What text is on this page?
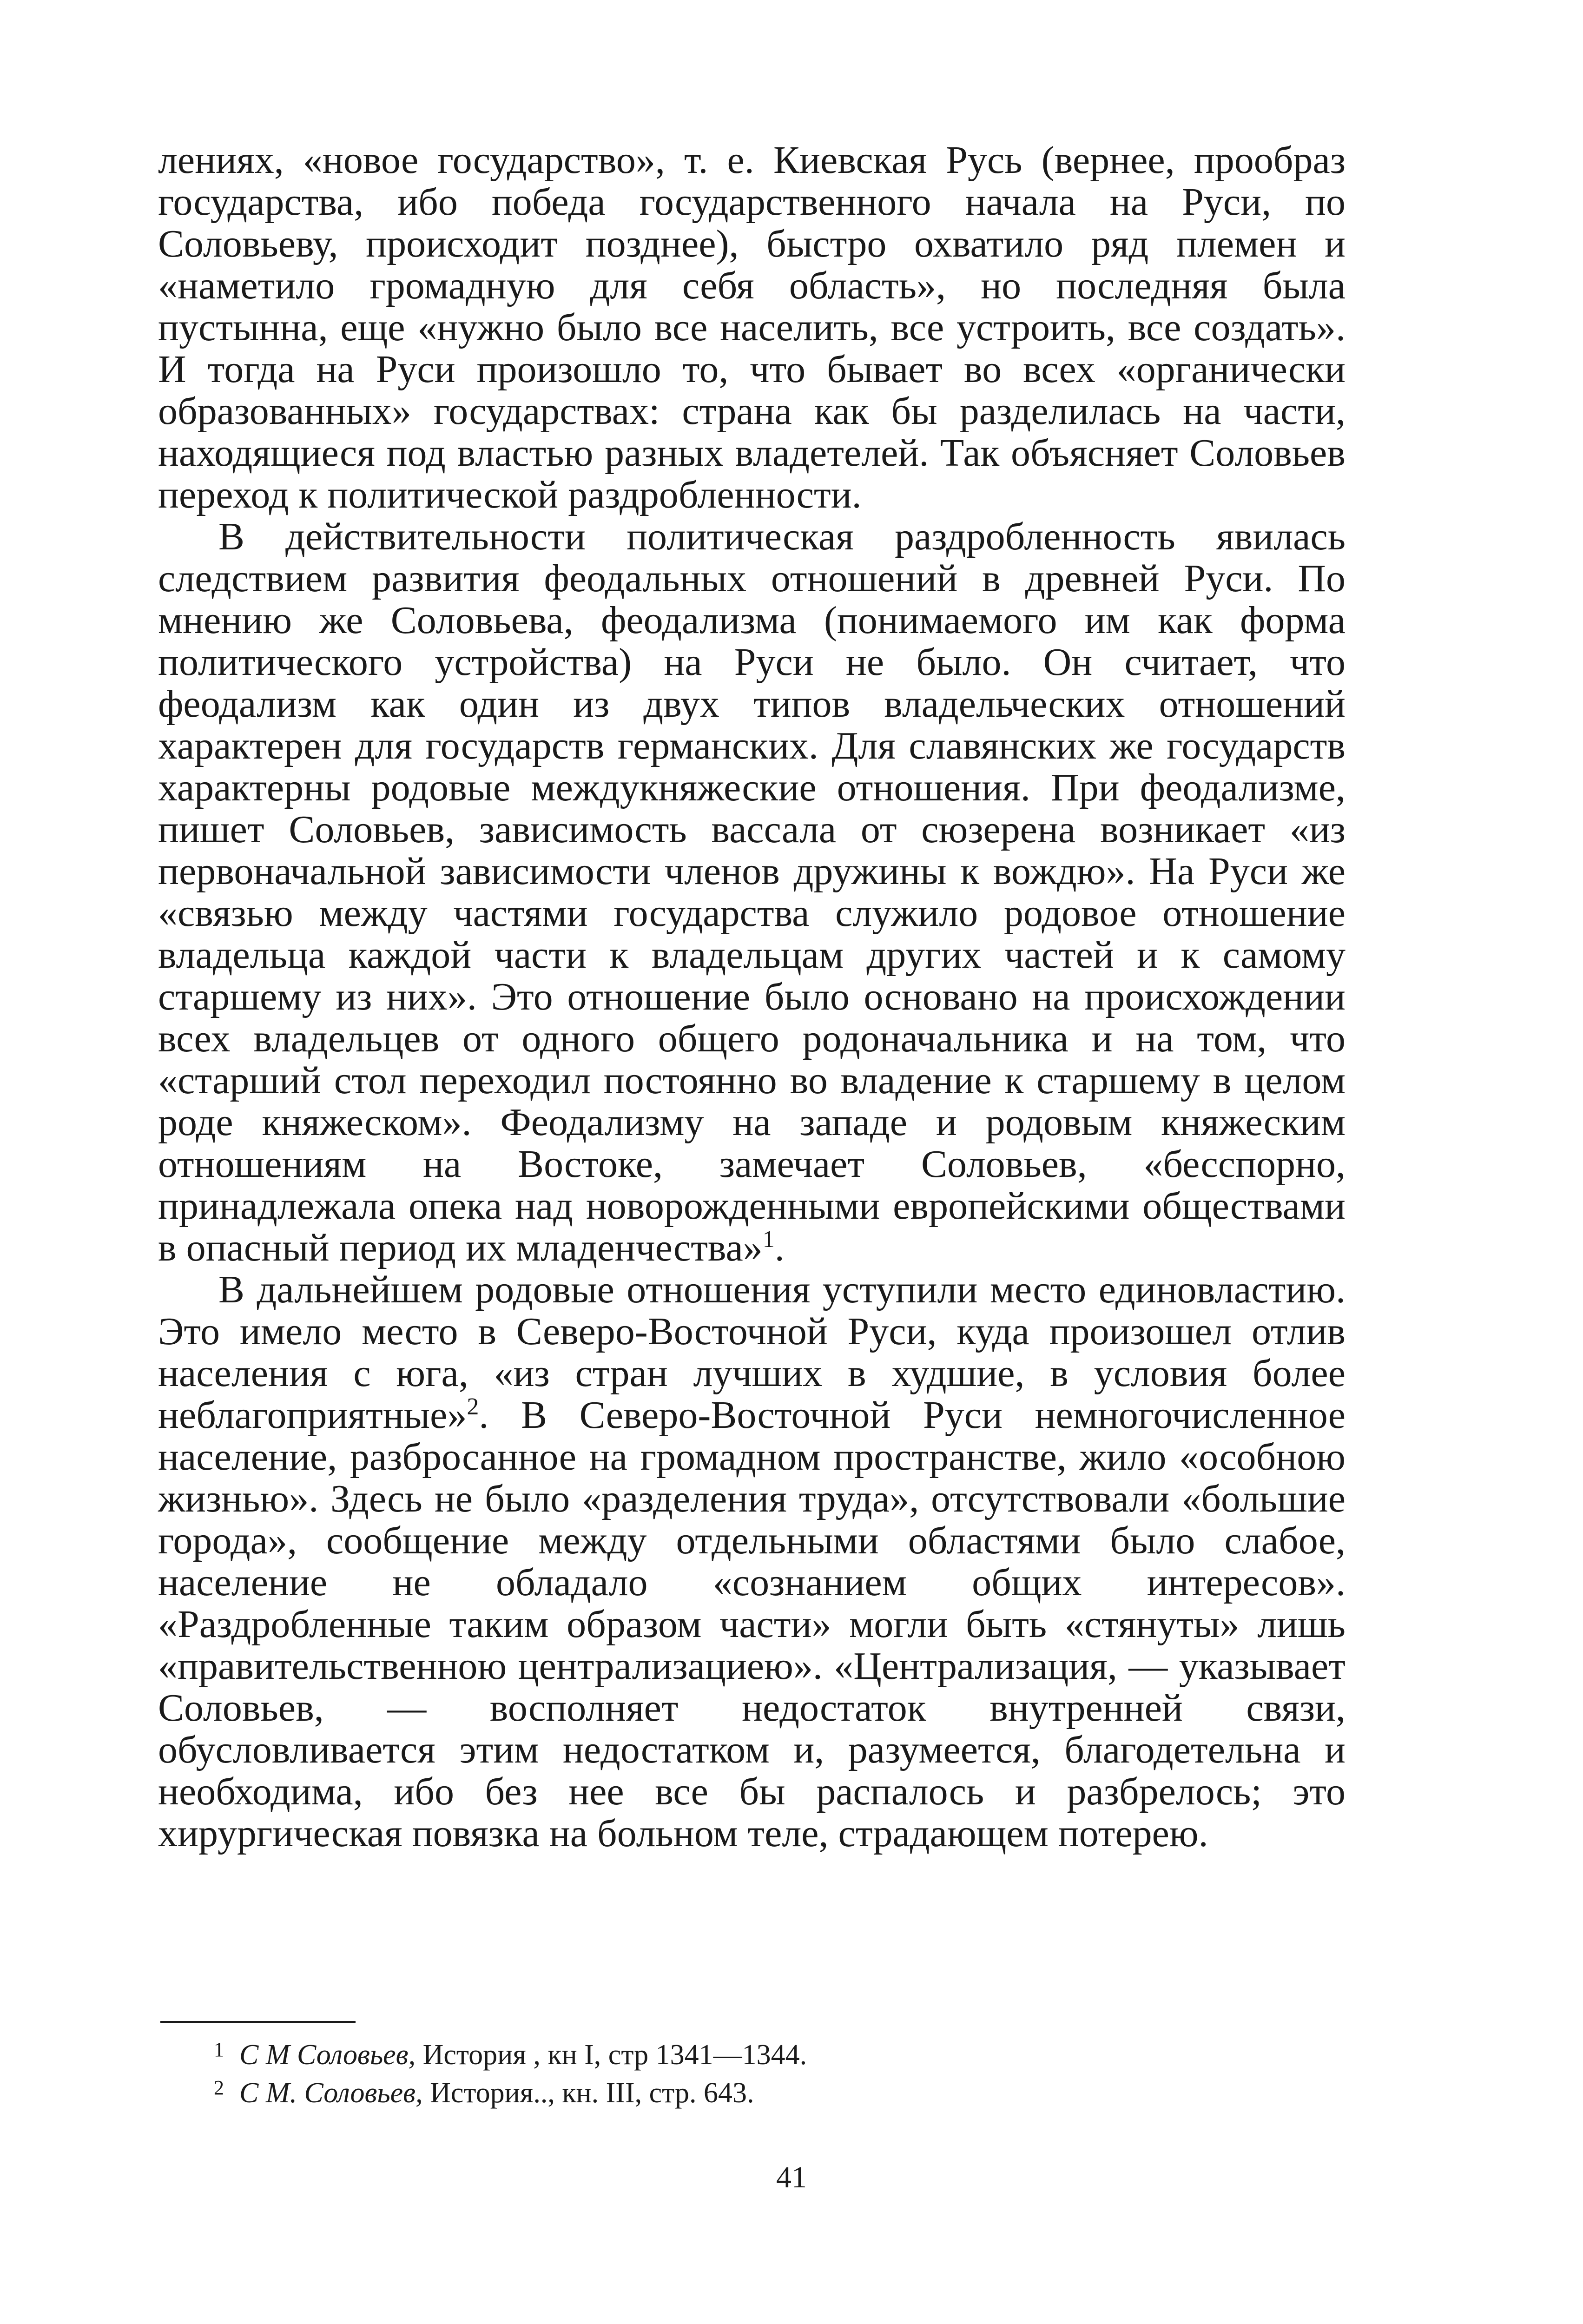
лениях, «новое государство», т. е. Киевская Русь (вернее, прообраз государства, ибо победа государственного начала на Руси, по Соловьеву, происходит позднее), быстро охватило ряд племен и «наметило громадную для себя область», но последняя была пустынна, еще «нужно было все населить, все устроить, все создать». И тогда на Руси произошло то, что бывает во всех «органически образованных» государствах: страна как бы разделилась на части, находящиеся под властью разных владетелей. Так объясняет Соловьев переход к политической раздробленности.

В действительности политическая раздробленность явилась следствием развития феодальных отношений в древней Руси. По мнению же Соловьева, феодализма (понимаемого им как форма политического устройства) на Руси не было. Он считает, что феодализм как один из двух типов владельческих отношений характерен для государств германских. Для славянских же государств характерны родовые междукняжеские отношения. При феодализме, пишет Соловьев, зависимость вассала от сюзерена возникает «из первоначальной зависимости членов дружины к вождю». На Руси же «связью между частями государства служило родовое отношение владельца каждой части к владельцам других частей и к самому старшему из них». Это отношение было основано на происхождении всех владельцев от одного общего родоначальника и на том, что «старший стол переходил постоянно во владение к старшему в целом роде княжеском». Феодализму на западе и родовым княжеским отношениям на Востоке, замечает Соловьев, «бесспорно, принадлежала опека над новорожденными европейскими обществами в опасный период их младенчества»$^1$.

В дальнейшем родовые отношения уступили место единовластию. Это имело место в Северо-Восточной Руси, куда произошел отлив населения с юга, «из стран лучших в худшие, в условия более неблагоприятные»$^2$. В Северо-Восточной Руси немногочисленное население, разбросанное на громадном пространстве, жило «особною жизнью». Здесь не было «разделения труда», отсутствовали «большие города», сообщение между отдельными областями было слабое, население не обладало «сознанием общих интересов». «Раздробленные таким образом части» могли быть «стянуты» лишь «правительственною централизациею». «Централизация, — указывает Соловьев, — восполняет недостаток внутренней связи, обусловливается этим недостатком и, разумеется, благодетельна и необходима, ибо без нее все бы распалось и разбрелось; это хирургическая повязка на больном теле, страдающем потерею.

1 С М Соловьев, История , кн I, стр 1341—1344.
2 С М. Соловьев, История.., кн. III, стр. 643.
41
